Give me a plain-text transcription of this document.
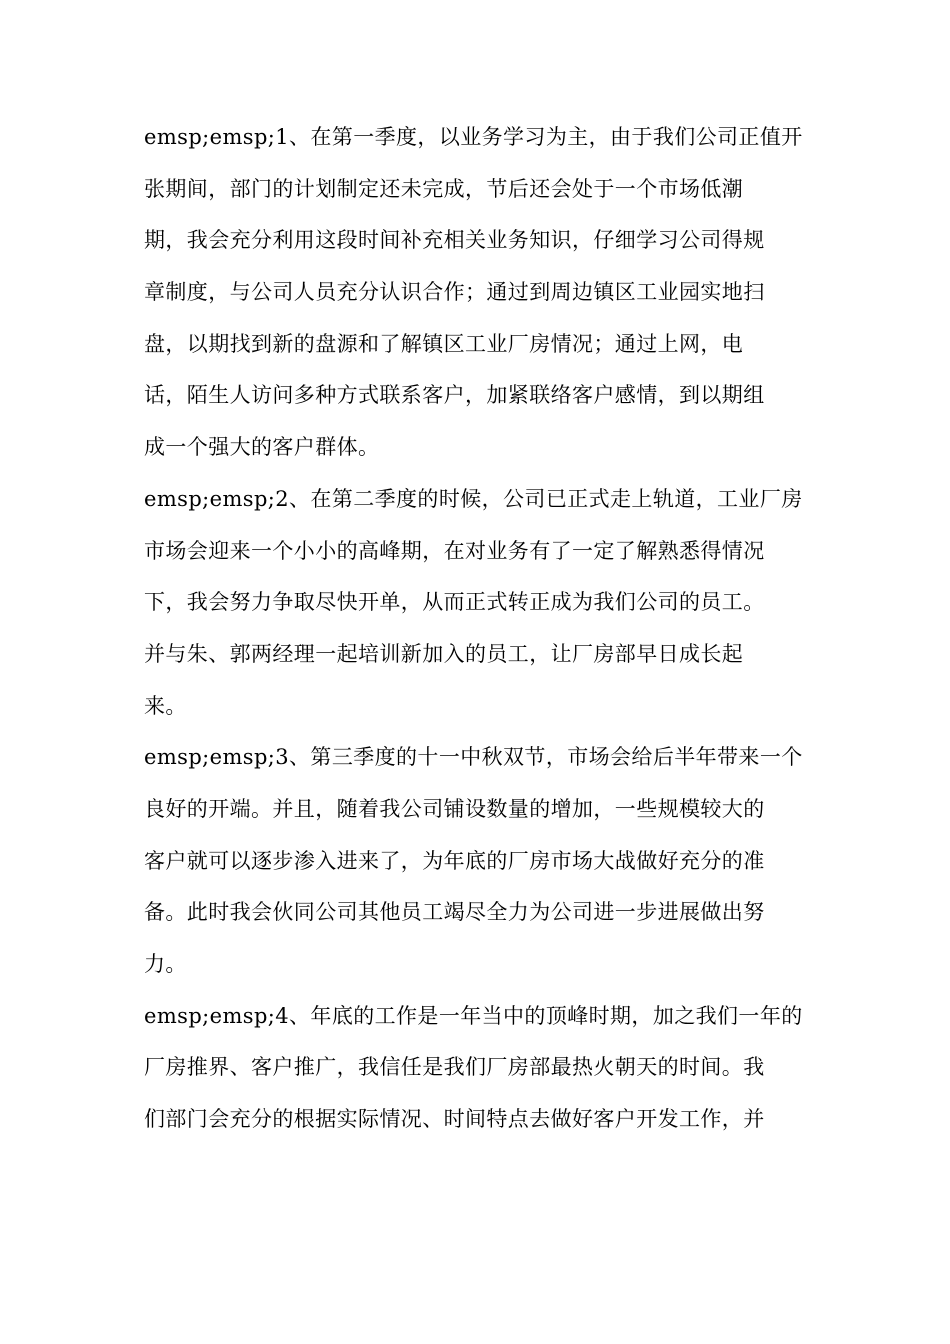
emsp;emsp;1、在第一季度，以业务学习为主，由于我们公司正值开
张期间，部门的计划制定还未完成，节后还会处于一个市场低潮
期，我会充分利用这段时间补充相关业务知识，仔细学习公司得规
章制度，与公司人员充分认识合作；通过到周边镇区工业园实地扫
盘，以期找到新的盘源和了解镇区工业厂房情况；通过上网，电
话，陌生人访问多种方式联系客户，加紧联络客户感情，到以期组
成一个强大的客户群体。
emsp;emsp;2、在第二季度的时候，公司已正式走上轨道，工业厂房
市场会迎来一个小小的高峰期，在对业务有了一定了解熟悉得情况
下，我会努力争取尽快开单，从而正式转正成为我们公司的员工。
并与朱、郭两经理一起培训新加入的员工，让厂房部早日成长起
来。
emsp;emsp;3、第三季度的十一中秋双节，市场会给后半年带来一个
良好的开端。并且，随着我公司铺设数量的增加，一些规模较大的
客户就可以逐步渗入进来了，为年底的厂房市场大战做好充分的准
备。此时我会伙同公司其他员工竭尽全力为公司进一步进展做出努
力。
emsp;emsp;4、年底的工作是一年当中的顶峰时期，加之我们一年的
厂房推界、客户推广，我信任是我们厂房部最热火朝天的时间。我
们部门会充分的根据实际情况、时间特点去做好客户开发工作，并
